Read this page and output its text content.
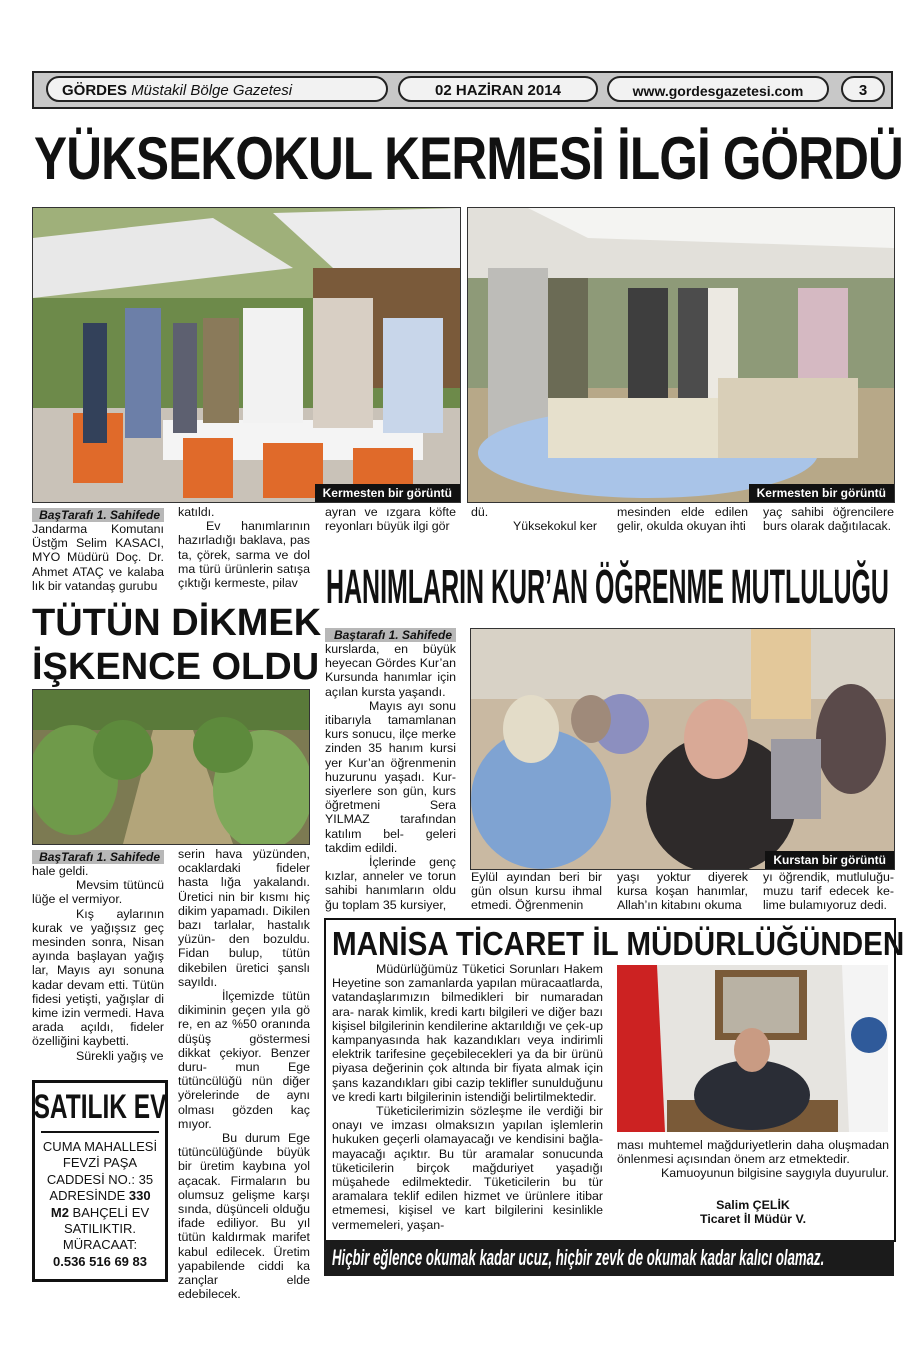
GÖRDES Müstakil Bölge Gazetesi	02 HAZİRAN 2014	www.gordesgazetesi.com	3
YÜKSEKOKUL KERMESİ İLGİ GÖRDÜ
Kermesten bir görüntü	Kermesten bir görüntü
BaşTarafı 1. Sahifede

Jandarma Komutanı Üstğm Selim KASACI, MYO Müdürü Doç. Dr. Ahmet ATAÇ ve kalaba lık bir vatandaş gurubu

katıldı.

Ev hanımlarının hazırladığı baklava, pas ta, çörek, sarma ve dol ma türü ürünlerin satışa çıktığı kermeste, pilav

ayran ve ızgara köfte reyonları büyük ilgi gör

dü.

Yüksekokul ker

mesinden elde edilen gelir, okulda okuyan ihti

yaç sahibi öğrencilere burs olarak dağıtılacak.

TÜTÜN DİKMEK
İŞKENCE OLDU
BaşTarafı 1. Sahifede

hale geldi.

Mevsim tütüncü lüğe el vermiyor.

Kış aylarının kurak ve yağışsız geç mesinden sonra, Nisan ayında başlayan yağış lar, Mayıs ayı sonuna kadar devam etti. Tütün fidesi yetişti, yağışlar di kime izin vermedi. Hava arada açıldı, fideler özelliğini kaybetti.

Sürekli yağış ve

serin hava yüzünden, ocaklardaki fideler hasta lığa yakalandı. Üretici nin bir kısmı hiç dikim yapamadı. Dikilen bazı tarlalar, hastalık yüzün- den bozuldu. Fidan bulup, tütün dikebilen üretici şanslı sayıldı.

İlçemizde tütün dikiminin geçen yıla gö re, en az %50 oranında düşüş göstermesi dikkat çekiyor. Benzer duru- mun Ege tütüncülüğü nün diğer yörelerinde de aynı olması gözden kaç mıyor.

Bu durum Ege tütüncülüğünde büyük bir üretim kaybına yol açacak. Firmaların bu olumsuz gelişme karşı sında, düşünceli olduğu ifade ediliyor. Bu yıl tütün kaldırmak marifet kabul edilecek. Üretim yapabilende ciddi ka zançlar elde edebilecek.

SATILIK EV
CUMA MAHALLESİ
FEVZİ PAŞA
CADDESİ NO.: 35
ADRESİNDE 330
M2 BAHÇELİ EV
SATILIKTIR.
MÜRACAAT:
0.536 516 69 83
HANIMLARIN KUR’AN ÖĞRENME MUTLULUĞU
Başt​arafı 1. Sahifede

kurslarda, en büyük heyecan Gördes Kur’an Kursunda hanımlar için açılan kursta yaşandı.

Mayıs ayı sonu itibarıyla tamamlanan kurs sonucu, ilçe merke zinden 35 hanım kursi yer Kur’an öğrenmenin huzurunu yaşadı. Kur- siyerlere son gün, kurs öğretmeni Sera YILMAZ tarafından katılım bel- geleri takdim edildi.

İçlerinde genç kızlar, anneler ve torun sahibi hanımların oldu ğu toplam 35 kursiyer,

Kurstan bir görüntü

Eylül ayından beri bir gün olsun kursu ihmal etmedi. Öğrenmenin

yaşı yoktur diyerek kursa koşan hanımlar, Allah’ın kitabını okuma

yı öğrendik, mutluluğu- muzu tarif edecek ke- lime bulamıyoruz dedi.

MANİSA TİCARET İL MÜDÜRLÜĞÜNDEN

Müdürlüğümüz Tüketici Sorunları Hakem Heyetine son zamanlarda yapılan müracaatlarda, vatandaşlarımızın bilmedikleri bir numaradan ara- narak kimlik, kredi kartı bilgileri ve diğer bazı kişisel bilgilerinin kendilerine aktarıldığı ve çek-up kampanyasında hak kazandıkları veya indirimli elektrik tarifesine geçebilecekleri ya da bir ürünü piyasa değerinin çok altında bir fiyata almak için şans kazandıkları gibi cazip teklifler sunulduğunu ve kredi kartı bilgilerinin istendiği belirtilmektedir.

Tüketicilerimizin sözleşme ile verdiği bir onayı ve imzası olmaksızın yapılan işlemlerin hukuken geçerli olamayacağı ve kendisini bağla- mayacağı açıktır. Bu tür aramalar sonucunda tüketicilerin birçok mağduriyet yaşadığı müşahede edilmektedir. Tüketicilerin bu tür aramalara teklif edilen hizmet ve ürünlere itibar etmemesi, kişisel ve kart bilgilerini kesinlikle vermemeleri, yaşan-

ması muhtemel mağduriyetlerin daha oluşmadan önlenmesi açısından önem arz etmektedir.

Kamuoyunun bilgisine saygıyla duyurulur.

Salim ÇELİK
Ticaret İl Müdür V.
Hiçbir eğlence okumak kadar ucuz, hiçbir zevk de okumak kadar kalıcı olamaz.
